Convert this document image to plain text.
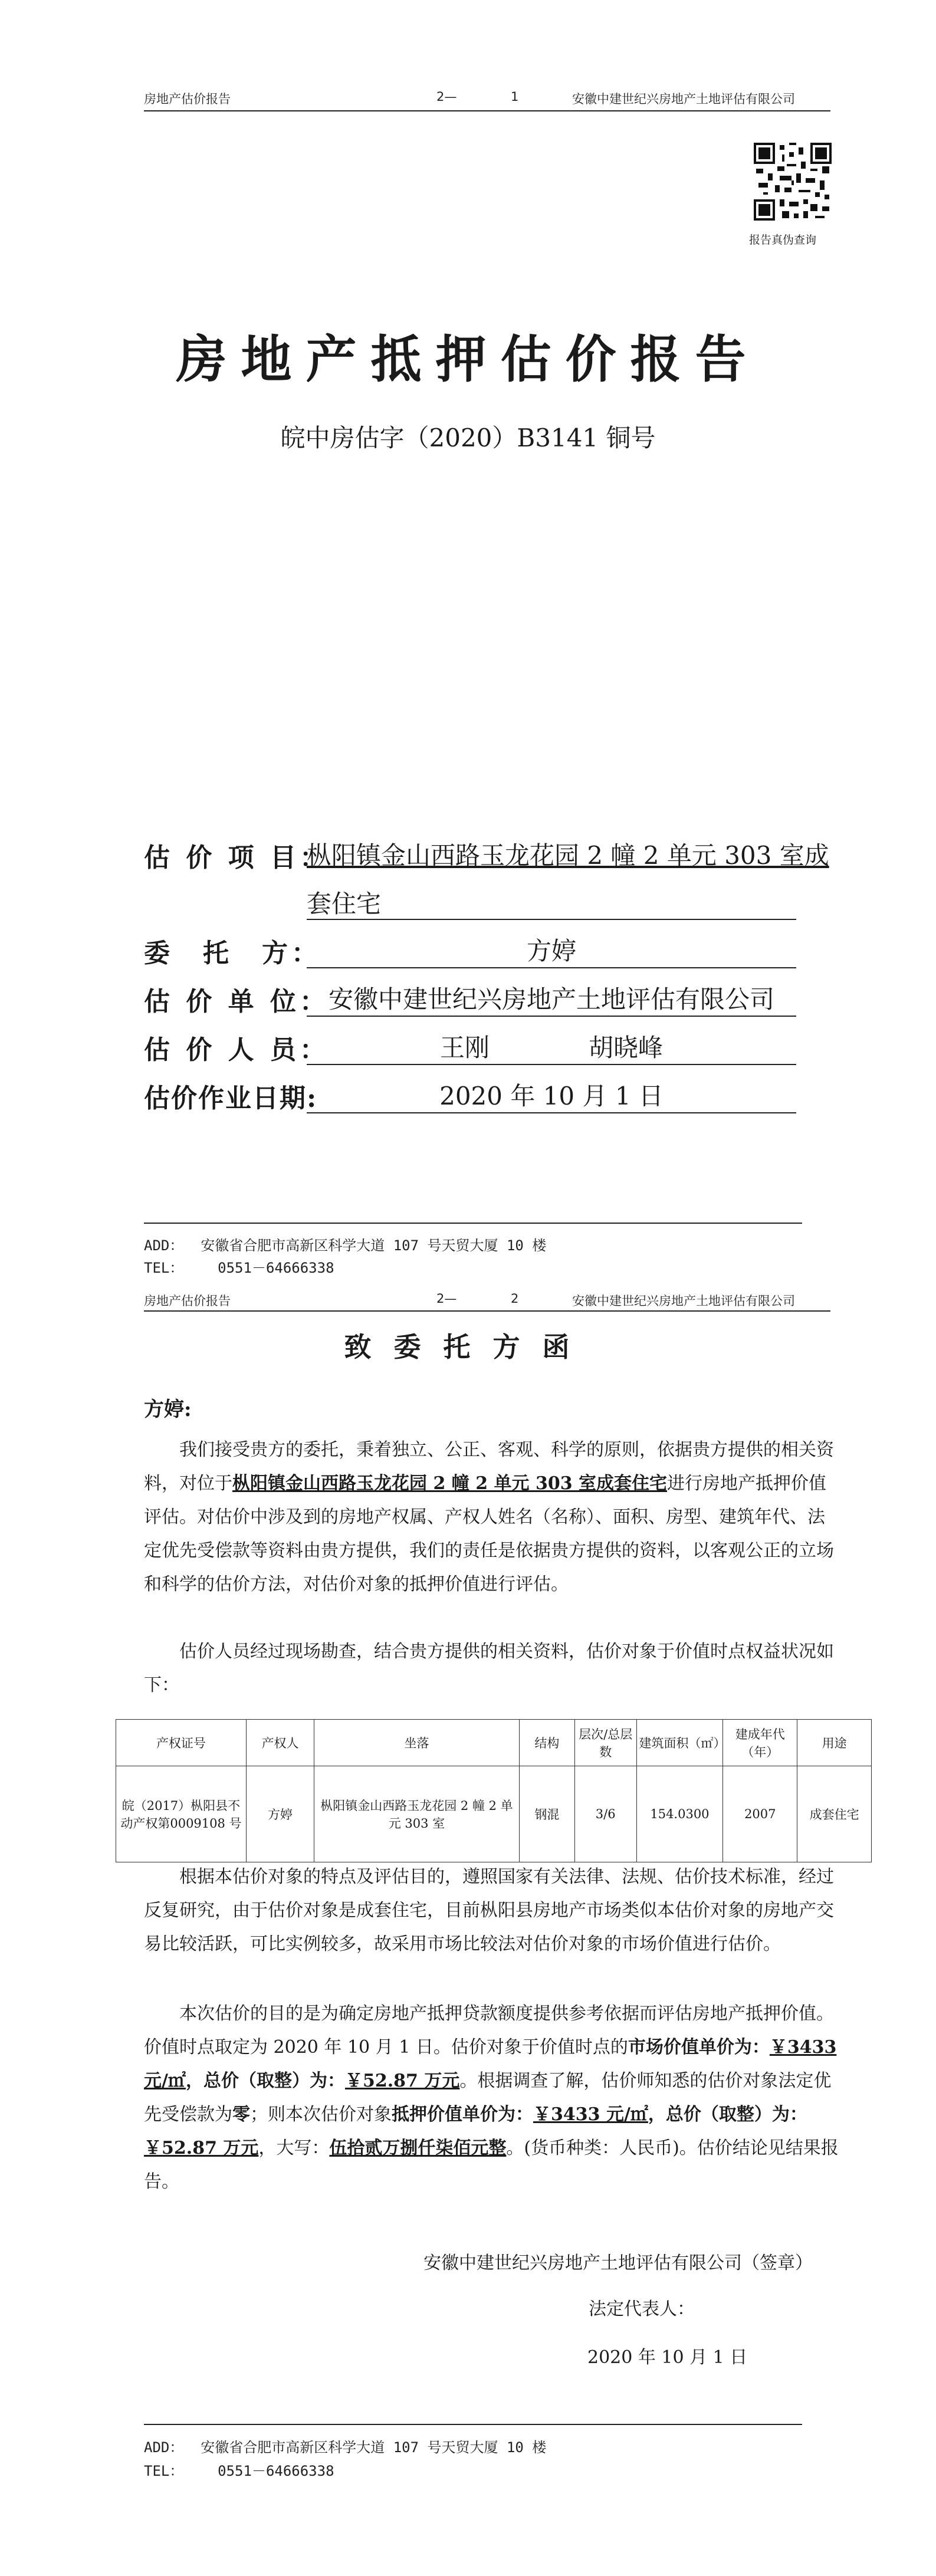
房地产估价报告	2—	1	安徽中建世纪兴房地产土地评估有限公司
报告真伪查询
房地产抵押估价报告
皖中房估字（2020）B3141 铜号
估 价 项 目：
枞阳镇金山西路玉龙花园 2 幢 2 单元 303 室成
套住宅
委　托　方：	方婷
估 价 单 位： 安徽中建世纪兴房地产土地评估有限公司
估 价 人 员：	王刚　　　　胡晓峰
估价作业日期:	2020 年 10 月 1 日
ADD：  安徽省合肥市高新区科学大道 107 号天贸大厦 10 楼
TEL：    0551－64666338
房地产估价报告	2—	2	安徽中建世纪兴房地产土地评估有限公司
致委托方函
方婷:
我们接受贵方的委托，秉着独立、公正、客观、科学的原则，依据贵方提供的相关资料，对位于枞阳镇金山西路玉龙花园 2 幢 2 单元 303 室成套住宅进行房地产抵押价值评估。对估价中涉及到的房地产权属、产权人姓名（名称）、面积、房型、建筑年代、法定优先受偿款等资料由贵方提供，我们的责任是依据贵方提供的资料，以客观公正的立场和科学的估价方法，对估价对象的抵押价值进行评估。
估价人员经过现场勘查，结合贵方提供的相关资料，估价对象于价值时点权益状况如下：
产权证号	产权人	坐落	结构	层次/总层数	建筑面积（㎡）	建成年代（年）	用途
皖（2017）枞阳县不动产权第0009108 号	方婷	枞阳镇金山西路玉龙花园 2 幢 2 单元 303 室	钢混	3/6	154.0300	2007	成套住宅
根据本估价对象的特点及评估目的，遵照国家有关法律、法规、估价技术标准，经过反复研究，由于估价对象是成套住宅，目前枞阳县房地产市场类似本估价对象的房地产交易比较活跃，可比实例较多，故采用市场比较法对估价对象的市场价值进行估价。
本次估价的目的是为确定房地产抵押贷款额度提供参考依据而评估房地产抵押价值。价值时点取定为 2020 年 10 月 1 日。估价对象于价值时点的市场价值单价为：￥3433 元/㎡，总价（取整）为：￥52.87 万元。根据调查了解，估价师知悉的估价对象法定优先受偿款为零；则本次估价对象抵押价值单价为：￥3433 元/㎡，总价（取整）为：￥52.87 万元，大写：伍拾贰万捌仟柒佰元整。(货币种类：人民币)。估价结论见结果报告。
安徽中建世纪兴房地产土地评估有限公司（签章）
法定代表人：
2020 年 10 月 1 日
ADD：  安徽省合肥市高新区科学大道 107 号天贸大厦 10 楼
TEL：    0551－64666338
